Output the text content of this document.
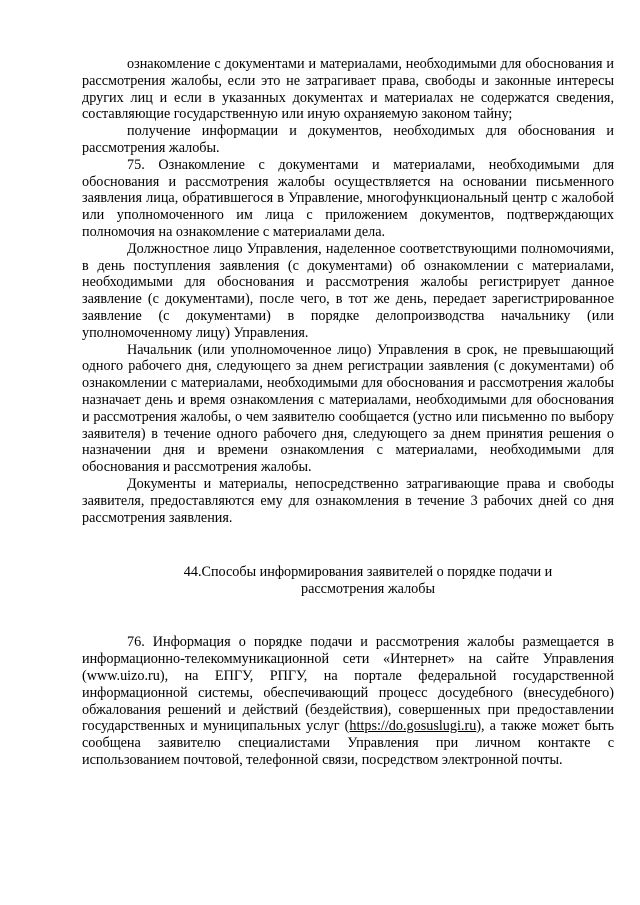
ознакомление с документами и материалами, необходимыми для обоснования и рассмотрения жалобы, если это не затрагивает права, свободы и законные интересы других лиц и если в указанных документах и материалах не содержатся сведения, составляющие государственную или иную охраняемую законом тайну;

получение информации и документов, необходимых для обоснования и рассмотрения жалобы.

75. Ознакомление с документами и материалами, необходимыми для обоснования и рассмотрения жалобы осуществляется на основании письменного заявления лица, обратившегося в Управление, многофункциональный центр с жалобой или уполномоченного им лица с приложением документов, подтверждающих полномочия на ознакомление с материалами дела.

Должностное лицо Управления, наделенное соответствующими полномочиями, в день поступления заявления (с документами) об ознакомлении с материалами, необходимыми для обоснования и рассмотрения жалобы регистрирует данное заявление (с документами), после чего, в тот же день, передает зарегистрированное заявление (с документами) в порядке делопроизводства начальнику (или уполномоченному лицу) Управления.

Начальник (или уполномоченное лицо) Управления в срок, не превышающий одного рабочего дня, следующего за днем регистрации заявления (с документами) об ознакомлении с материалами, необходимыми для обоснования и рассмотрения жалобы назначает день и время ознакомления с материалами, необходимыми для обоснования и рассмотрения жалобы, о чем заявителю сообщается (устно или письменно по выбору заявителя) в течение одного рабочего дня, следующего за днем принятия решения о назначении дня и времени ознакомления с материалами, необходимыми для обоснования и рассмотрения жалобы.

Документы и материалы, непосредственно затрагивающие права и свободы заявителя, предоставляются ему для ознакомления в течение 3 рабочих дней со дня рассмотрения заявления.

44.Способы информирования заявителей о порядке подачи и
рассмотрения жалобы

76. Информация о порядке подачи и рассмотрения жалобы размещается в информационно-телекоммуникационной сети «Интернет» на сайте Управления (www.uizo.ru), на ЕПГУ, РПГУ, на портале федеральной государственной информационной системы, обеспечивающий процесс досудебного (внесудебного) обжалования решений и действий (бездействия), совершенных при предоставлении государственных и муниципальных услуг (https://do.gosuslugi.ru), а также может быть сообщена заявителю специалистами Управления при личном контакте с использованием почтовой, телефонной связи, посредством электронной почты.
